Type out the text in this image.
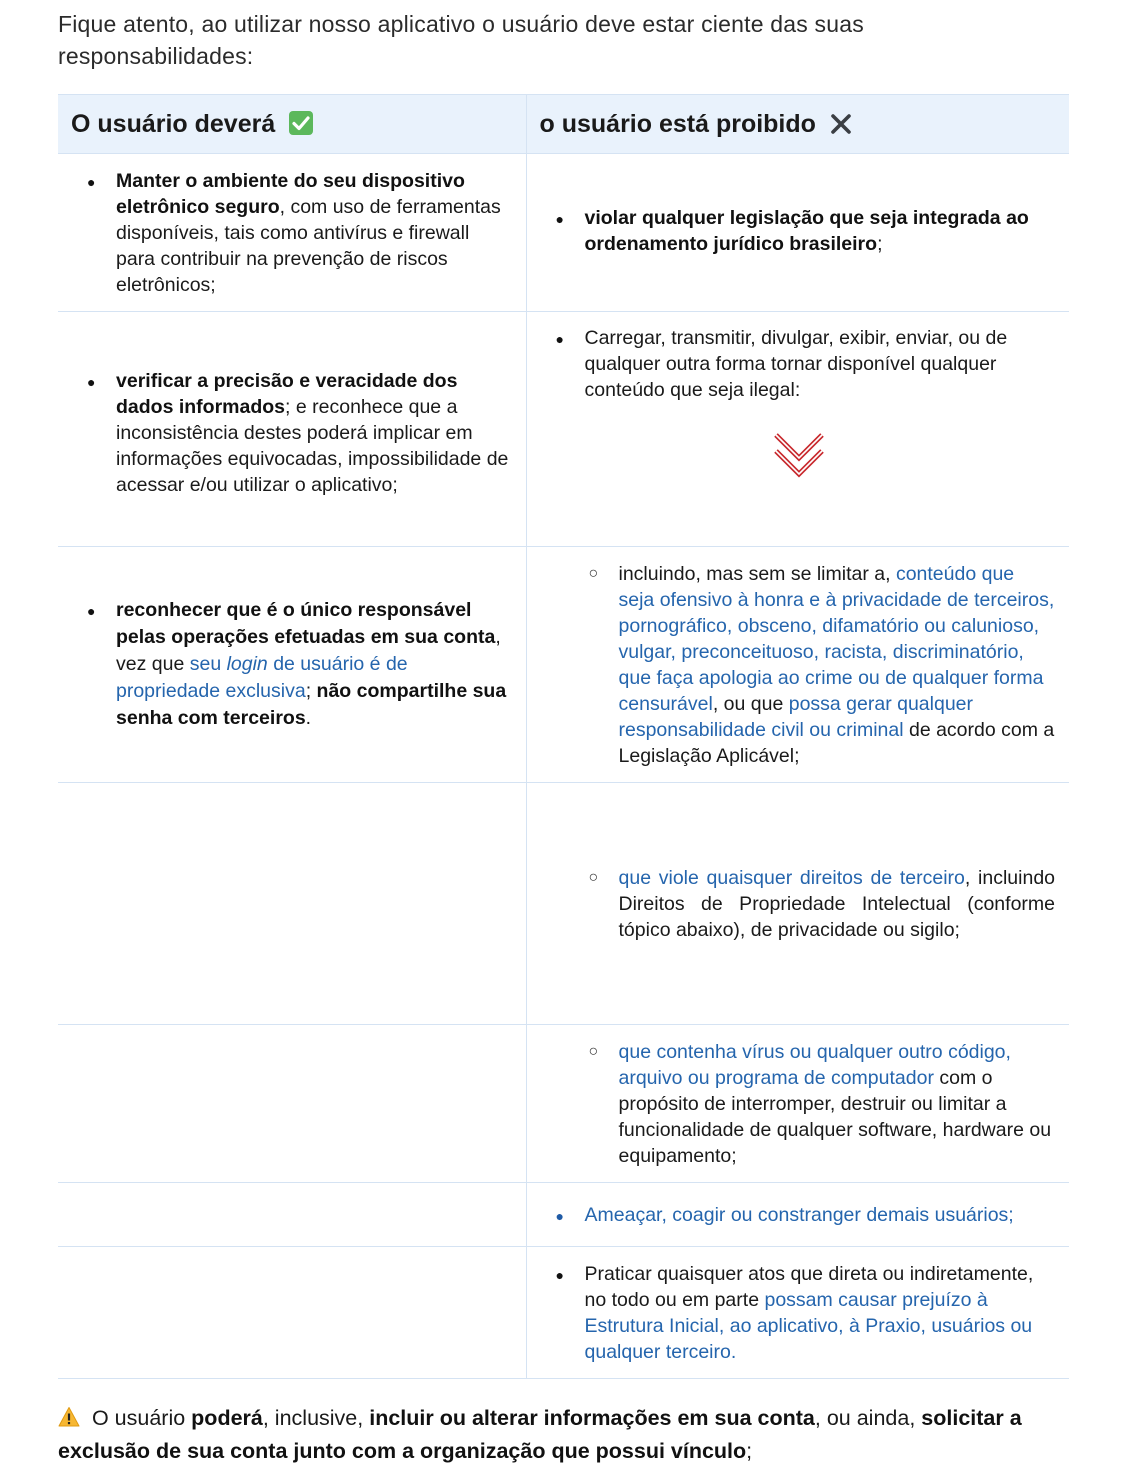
Fique atento, ao utilizar nosso aplicativo o usuário deve estar ciente das suas responsabilidades:
O usuário deverá	o usuário está proibido

● Manter o ambiente do seu dispositivo eletrônico seguro, com uso de ferramentas disponíveis, tais como antivírus e firewall para contribuir na prevenção de riscos eletrônicos;	● violar qualquer legislação que seja integrada ao ordenamento jurídico brasileiro;

● verificar a precisão e veracidade dos dados informados; e reconhece que a inconsistência destes poderá implicar em informações equivocadas, impossibilidade de acessar e/ou utilizar o aplicativo;	● Carregar, transmitir, divulgar, exibir, enviar, ou de qualquer outra forma tornar disponível qualquer conteúdo que seja ilegal:

● reconhecer que é o único responsável pelas operações efetuadas em sua conta, vez que seu login de usuário é de propriedade exclusiva; não compartilhe sua senha com terceiros.	○ incluindo, mas sem se limitar a, conteúdo que seja ofensivo à honra e à privacidade de terceiros, pornográfico, obsceno, difamatório ou calunioso, vulgar, preconceituoso, racista, discriminatório, que faça apologia ao crime ou de qualquer forma censurável, ou que possa gerar qualquer responsabilidade civil ou criminal de acordo com a Legislação Aplicável;

	○ que viole quaisquer direitos de terceiro, incluindo Direitos de Propriedade Intelectual (conforme tópico abaixo), de privacidade ou sigilo;

	○ que contenha vírus ou qualquer outro código, arquivo ou programa de computador com o propósito de interromper, destruir ou limitar a funcionalidade de qualquer software, hardware ou equipamento;

	● Ameaçar, coagir ou constranger demais usuários;

	● Praticar quaisquer atos que direta ou indiretamente, no todo ou em parte possam causar prejuízo à Estrutura Inicial, ao aplicativo, à Praxio, usuários ou qualquer terceiro.
O usuário poderá, inclusive, incluir ou alterar informações em sua conta, ou ainda, solicitar a exclusão de sua conta junto com a organização que possui vínculo;
